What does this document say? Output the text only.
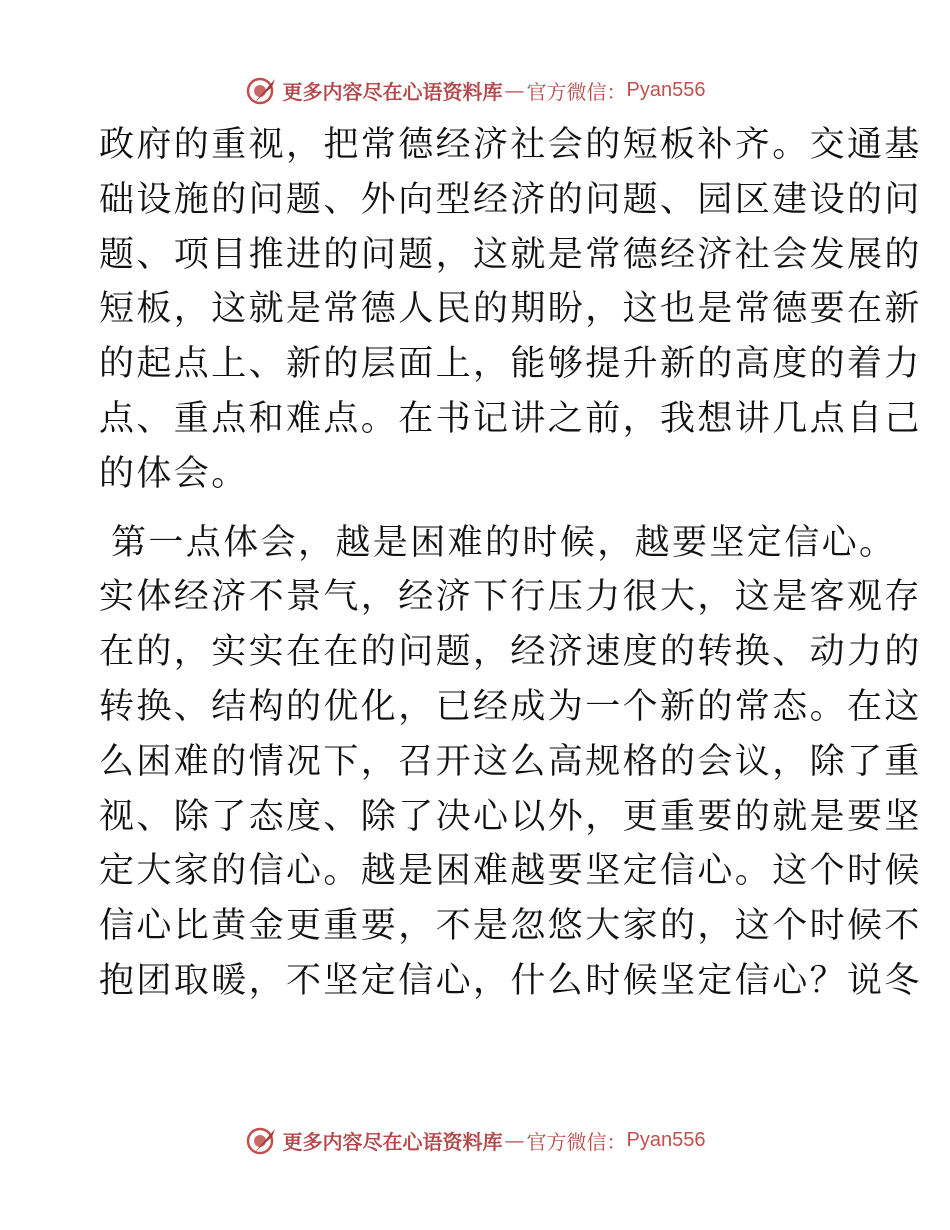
更多内容尽在心语资料库 — 官方微信： Pyan556
政府的重视，把常德经济社会的短板补齐。交通基
础设施的问题、外向型经济的问题、园区建设的问
题、项目推进的问题，这就是常德经济社会发展的
短板，这就是常德人民的期盼，这也是常德要在新
的起点上、新的层面上，能够提升新的高度的着力
点、重点和难点。在书记讲之前，我想讲几点自己
的体会。
第一点体会，越是困难的时候，越要坚定信心。
实体经济不景气，经济下行压力很大，这是客观存
在的，实实在在的问题，经济速度的转换、动力的
转换、结构的优化，已经成为一个新的常态。在这
么困难的情况下，召开这么高规格的会议，除了重
视、除了态度、除了决心以外，更重要的就是要坚
定大家的信心。越是困难越要坚定信心。这个时候
信心比黄金更重要，不是忽悠大家的，这个时候不
抱团取暖，不坚定信心，什么时候坚定信心？说冬
更多内容尽在心语资料库 — 官方微信： Pyan556
